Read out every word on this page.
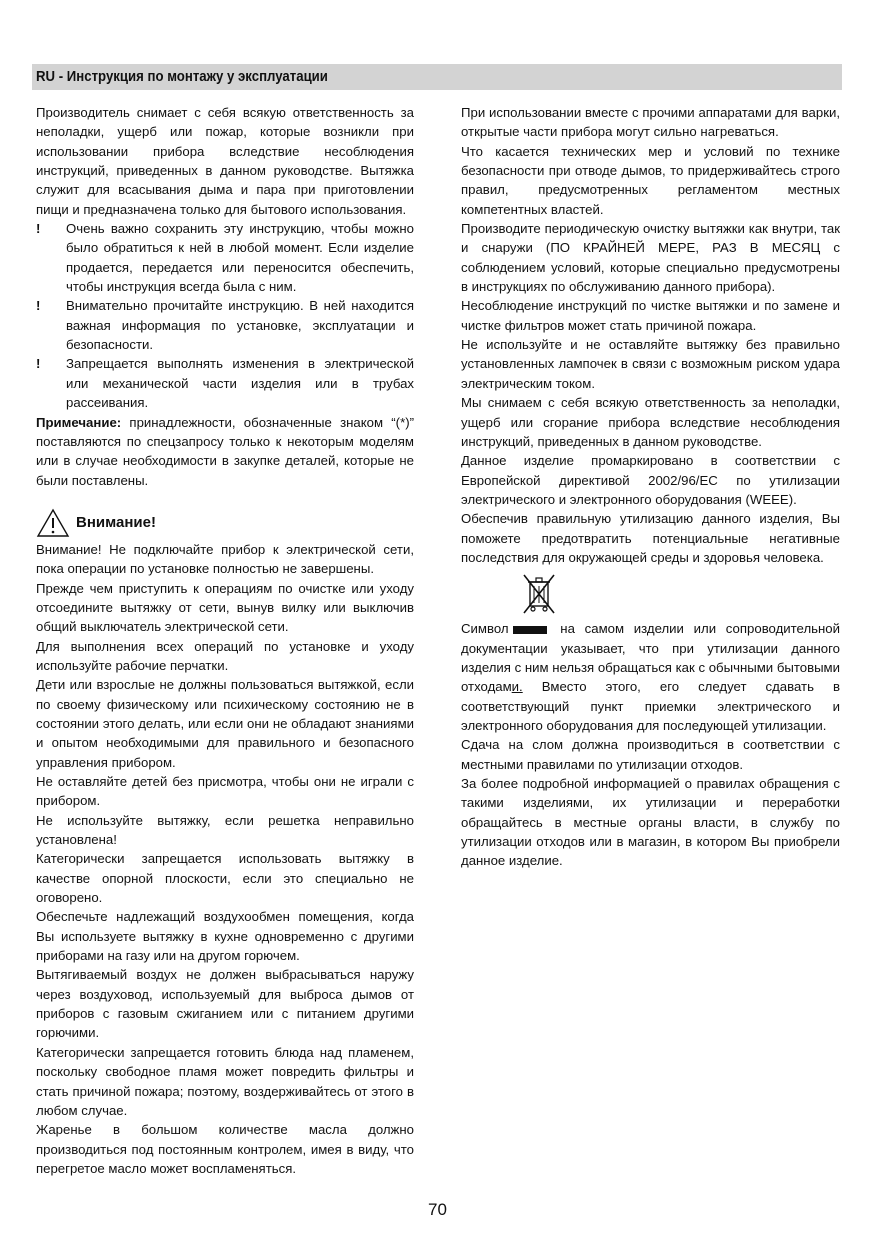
RU - Инструкция по монтажу у эксплуатации

Производитель снимает с себя всякую ответственность за неполадки, ущерб или пожар, которые возникли при использовании прибора вследствие несоблюдения инструкций, приведенных в данном руководстве. Вытяжка служит для всасывания дыма и пара при приготовлении пищи и предназначена только для бытового использования.

!	Очень важно сохранить эту инструкцию, чтобы можно было обратиться к ней в любой момент. Если изделие продается, передается или переносится обеспечить, чтобы инструкция всегда была с ним.
!	Внимательно прочитайте инструкцию. В ней находится важная информация по установке, эксплуатации и безопасности.
!	Запрещается выполнять изменения в электрической или механической части изделия или в трубах рассеивания.

Примечание: принадлежности, обозначенные знаком “(*)” поставляются по спецзапросу только к некоторым моделям или в случае необходимости в закупке деталей, которые не были поставлены.

Внимание!

Внимание! Не подключайте прибор к электрической сети, пока операции по установке полностью не завершены.

Прежде чем приступить к операциям по очистке или уходу отсоедините вытяжку от сети, вынув вилку или выключив общий выключатель электрической сети.

Для выполнения всех операций по установке и уходу используйте рабочие перчатки.

Дети или взрослые не должны пользоваться вытяжкой, если по своему физическому или психическому состоянию не в состоянии этого делать, или если они не обладают знаниями и опытом необходимыми для правильного и безопасного управления прибором.

Не оставляйте детей без присмотра, чтобы они не играли с прибором.

Не используйте вытяжку, если решетка неправильно установлена!

Категорически запрещается использовать вытяжку в качестве опорной плоскости, если это специально не оговорено.

Обеспечьте надлежащий воздухообмен помещения, когда Вы используете вытяжку в кухне одновременно с другими приборами на газу или на другом горючем.

Вытягиваемый воздух не должен выбрасываться наружу через воздуховод, используемый для выброса дымов от приборов с газовым сжиганием или с питанием другими горючими.

Категорически запрещается готовить блюда над пламенем, поскольку свободное пламя может повредить фильтры и стать причиной пожара; поэтому, воздерживайтесь от этого в любом случае.

Жаренье в большом количестве масла должно производиться под постоянным контролем, имея в виду, что перегретое масло может воспламеняться.

При использовании вместе с прочими аппаратами для варки, открытые части прибора могут сильно нагреваться.

Что касается технических мер и условий по технике безопасности при отводе дымов, то придерживайтесь строго правил, предусмотренных регламентом местных компетентных властей.

Производите периодическую очистку вытяжки как внутри, так и снаружи (ПО КРАЙНЕЙ МЕРЕ, РАЗ В МЕСЯЦ с соблюдением условий, которые специально предусмотрены в инструкциях по обслуживанию данного прибора).

Несоблюдение инструкций по чистке вытяжки и по замене и чистке фильтров может стать причиной пожара.

Не используйте и не оставляйте вытяжку без правильно установленных лампочек в связи с возможным риском удара электрическим током.

Мы снимаем с себя всякую ответственность за неполадки, ущерб или сгорание прибора вследствие несоблюдения инструкций, приведенных в данном руководстве.

Данное изделие промаркировано в соответствии с Европейской директивой 2002/96/EC по утилизации электрического и электронного оборудования (WEEE).

Обеспечив правильную утилизацию данного изделия, Вы поможете предотвратить потенциальные негативные последствия для окружающей среды и здоровья человека.

Символ	на самом изделии или сопроводительной документации указывает, что при утилизации данного изделия с ним нельзя обращаться как с обычными бытовыми отходами. Вместо этого, его следует сдавать в соответствующий пункт приемки электрического и электронного оборудования для последующей утилизации.

Сдача на слом должна производиться в соответствии с местными правилами по утилизации отходов.

За более подробной информацией о правилах обращения с такими изделиями, их утилизации и переработки обращайтесь в местные органы власти, в службу по утилизации отходов или в магазин, в котором Вы приобрели данное изделие.

70
